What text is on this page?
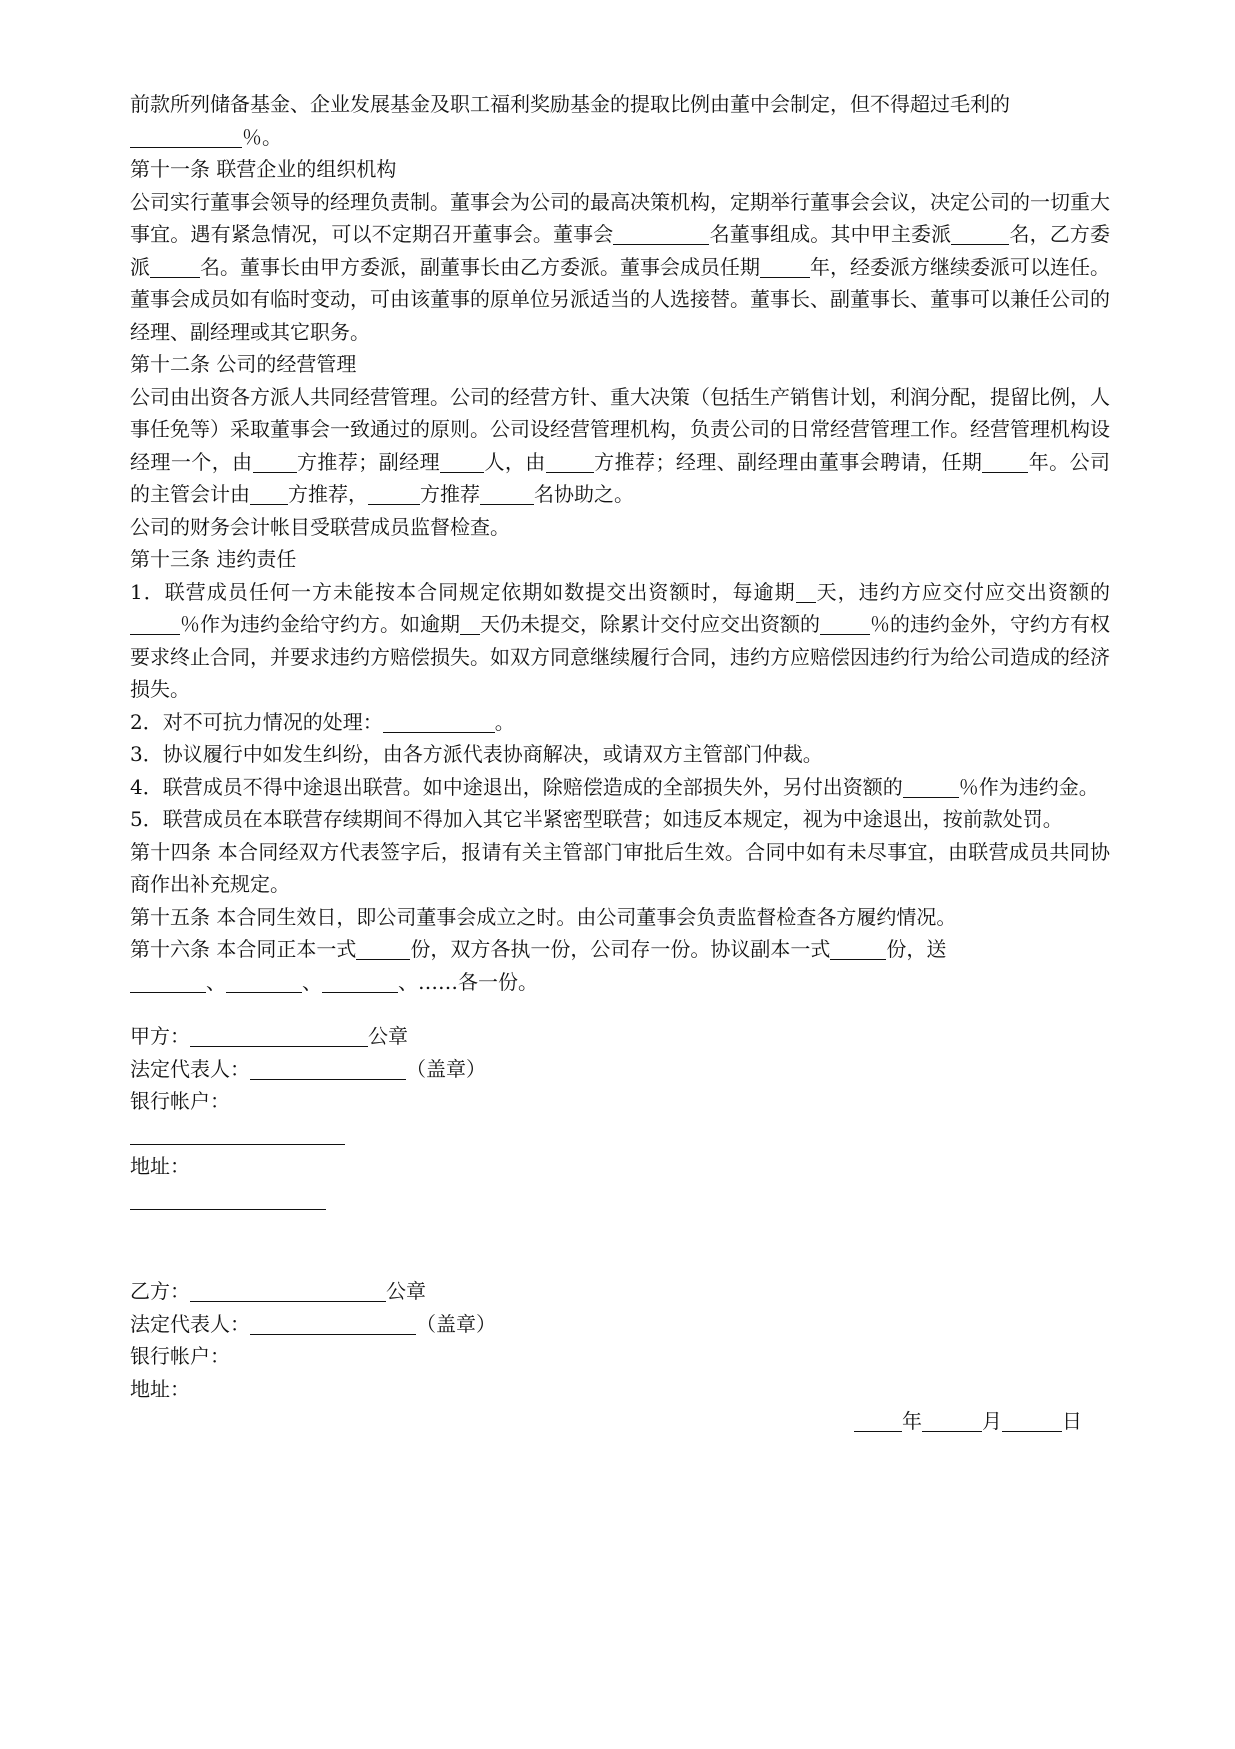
前款所列储备基金、企业发展基金及职工福利奖励基金的提取比例由董中会制定，但不得超过毛利的
％。
第十一条 联营企业的组织机构
公司实行董事会领导的经理负责制。董事会为公司的最高决策机构，定期举行董事会会议，决定公司的一切重大事宜。遇有紧急情况，可以不定期召开董事会。董事会	名董事组成。其中甲主委派	名，乙方委派	名。董事长由甲方委派，副董事长由乙方委派。董事会成员任期	年，经委派方继续委派可以连任。董事会成员如有临时变动，可由该董事的原单位另派适当的人选接替。董事长、副董事长、董事可以兼任公司的经理、副经理或其它职务。
第十二条 公司的经营管理
公司由出资各方派人共同经营管理。公司的经营方针、重大决策（包括生产销售计划，利润分配，提留比例，人事任免等）采取董事会一致通过的原则。公司设经营管理机构，负责公司的日常经营管理工作。经营管理机构设经理一个，由 方推荐；副经理 人，由 方推荐；经理、副经理由董事会聘请，任期 年。公司的主管会计由 方推荐，	方推荐	名协助之。
公司的财务会计帐目受联营成员监督检查。
第十三条 违约责任
1．联营成员任何一方未能按本合同规定依期如数提交出资额时，每逾期 天，违约方应交付应交出资额的％作为违约金给守约方。如逾期 天仍未提交，除累计交付应交出资额的	％的违约金外，守约方有权要求终止合同，并要求违约方赔偿损失。如双方同意继续履行合同，违约方应赔偿因违约行为给公司造成的经济损失。
2．对不可抗力情况的处理：	。
3．协议履行中如发生纠纷，由各方派代表协商解决，或请双方主管部门仲裁。
4．联营成员不得中途退出联营。如中途退出，除赔偿造成的全部损失外，另付出资额的	％作为违约金。
5．联营成员在本联营存续期间不得加入其它半紧密型联营；如违反本规定，视为中途退出，按前款处罚。
第十四条 本合同经双方代表签字后，报请有关主管部门审批后生效。合同中如有未尽事宜，由联营成员共同协商作出补充规定。
第十五条 本合同生效日，即公司董事会成立之时。由公司董事会负责监督检查各方履约情况。
第十六条 本合同正本一式	份，双方各执一份，公司存一份。协议副本一式	份，送
、	、	、……各一份。
甲方：	公章
法定代表人：	（盖章）
银行帐户：
地址：
乙方：	公章
法定代表人：	（盖章）
银行帐户：
地址：
年	月	日
